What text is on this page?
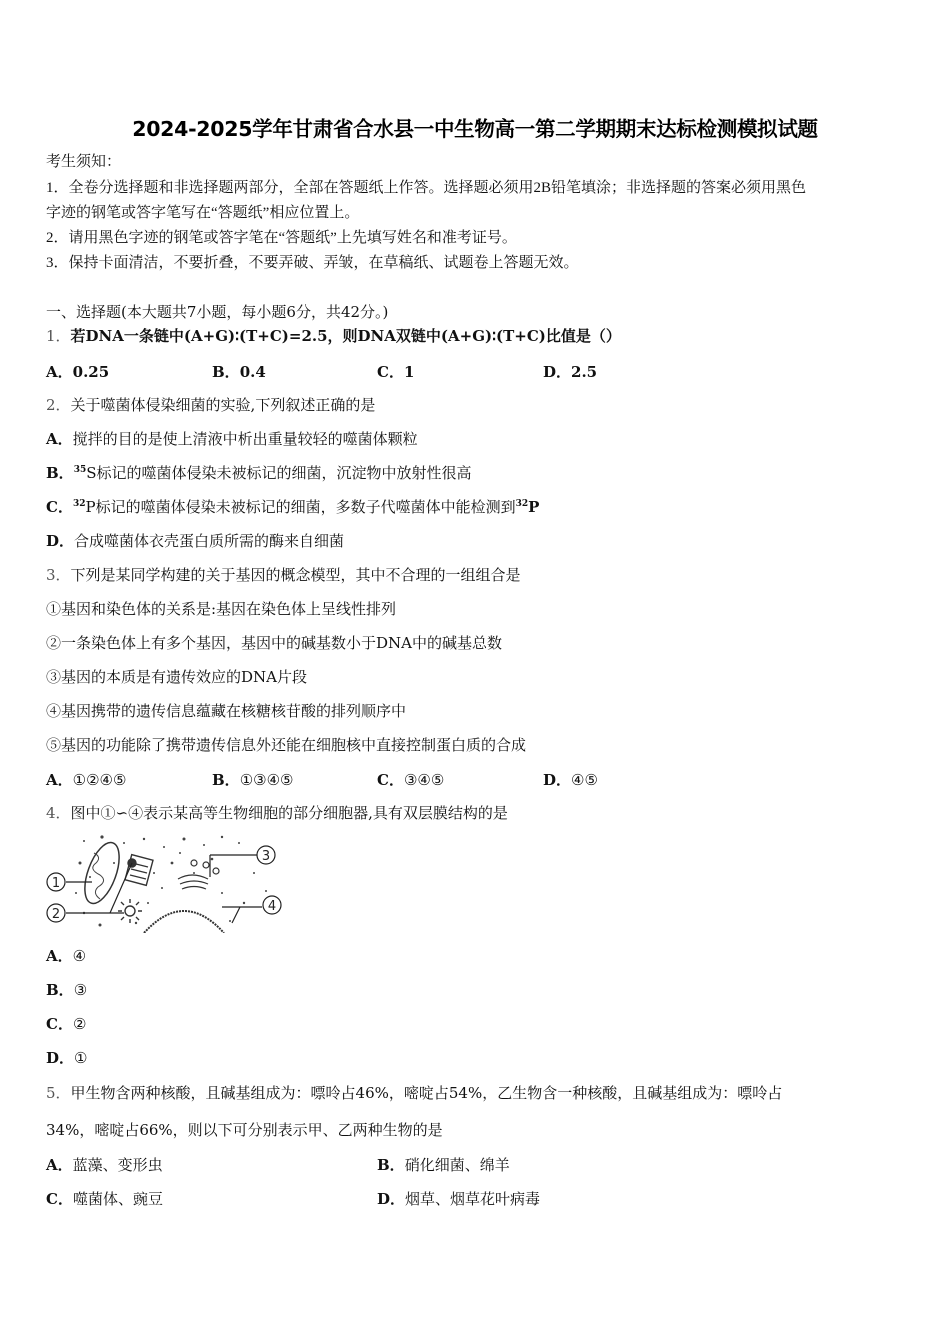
2024-2025学年甘肃省合水县一中生物高一第二学期期末达标检测模拟试题
考生须知：
1．全卷分选择题和非选择题两部分，全部在答题纸上作答。选择题必须用2B铅笔填涂；非选择题的答案必须用黑色
字迹的钢笔或答字笔写在“答题纸”相应位置上。
2．请用黑色字迹的钢笔或答字笔在“答题纸”上先填写姓名和准考证号。
3．保持卡面清洁，不要折叠，不要弄破、弄皱，在草稿纸、试题卷上答题无效。
一、选择题(本大题共7小题，每小题6分，共42分。)
1．若DNA一条链中(A+G)∶(T+C)=2.5，则DNA双链中(A+G)∶(T+C)比值是（）
A．0.25	B．0.4	C．1	D．2.5
2．关于噬菌体侵染细菌的实验,下列叙述正确的是
A．搅拌的目的是使上清液中析出重量较轻的噬菌体颗粒
B．$^{35}$S标记的噬菌体侵染未被标记的细菌，沉淀物中放射性很高
C．$^{32}$P标记的噬菌体侵染未被标记的细菌，多数子代噬菌体中能检测到$^{32}$P
D．合成噬菌体衣壳蛋白质所需的酶来自细菌
3．下列是某同学构建的关于基因的概念模型，其中不合理的一组组合是
①基因和染色体的关系是:基因在染色体上呈线性排列
②一条染色体上有多个基因，基因中的碱基数小于DNA中的碱基总数
③基因的本质是有遗传效应的DNA片段
④基因携带的遗传信息蕴藏在核糖核苷酸的排列顺序中
⑤基因的功能除了携带遗传信息外还能在细胞核中直接控制蛋白质的合成
A．①②④⑤	B．①③④⑤	C．③④⑤	D．④⑤
4．图中①∽④表示某高等生物细胞的部分细胞器,具有双层膜结构的是
1
2
3
4
A．④
B．③
C．②
D．①
5．甲生物含两种核酸，且碱基组成为：嘌呤占46%，嘧啶占54%，乙生物含一种核酸，且碱基组成为：嘌呤占
34%，嘧啶占66%，则以下可分别表示甲、乙两种生物的是
A．蓝藻、变形虫	B．硝化细菌、绵羊
C．噬菌体、豌豆	D．烟草、烟草花叶病毒
